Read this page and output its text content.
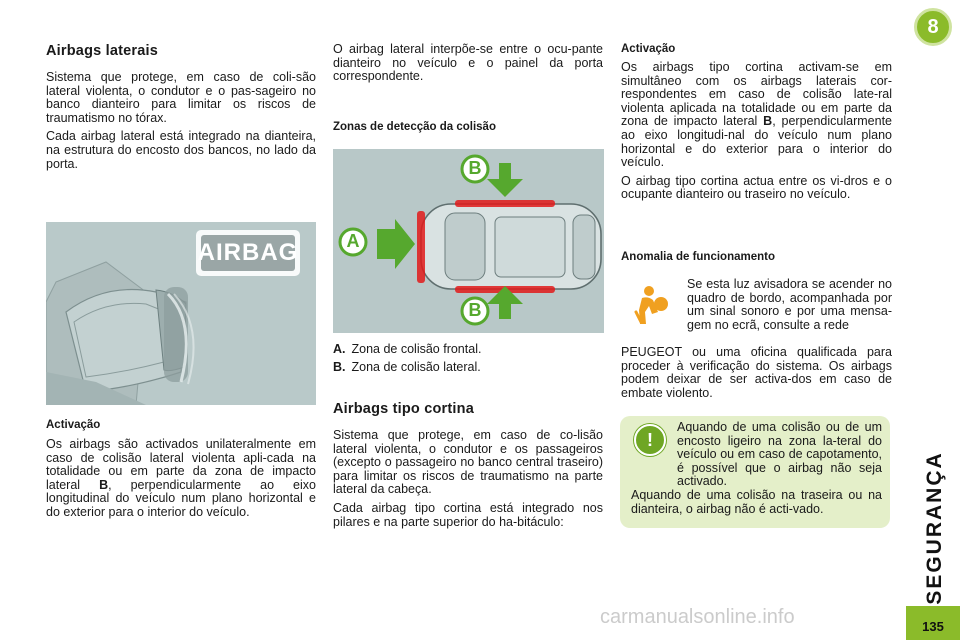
8
SEGURANÇA
135
Airbags laterais

Sistema que protege, em caso de coli-são lateral violenta, o condutor e o pas-sageiro no banco dianteiro para limitar os riscos de traumatismo no tórax.

Cada airbag lateral está integrado na dianteira, na estrutura do encosto dos bancos, no lado da porta.

AIRBAG
Activação

Os airbags são activados unilateralmente em caso de colisão lateral violenta apli-cada na totalidade ou em parte da zona de impacto lateral B, perpendicularmente ao eixo longitudinal do veículo num plano horizontal e do exterior para o interior do veículo.

O airbag lateral interpõe-se entre o ocu-pante dianteiro no veículo e o painel da porta correspondente.

Zonas de detecção da colisão
A
B
B
A. Zona de colisão frontal.
B. Zona de colisão lateral.
Airbags tipo cortina

Sistema que protege, em caso de co-lisão lateral violenta, o condutor e os passageiros (excepto o passageiro no banco central traseiro) para limitar os riscos de traumatismo na parte lateral da cabeça.

Cada airbag tipo cortina está integrado nos pilares e na parte superior do ha-bitáculo:

Activação

Os airbags tipo cortina activam-se em simultâneo com os airbags laterais cor-respondentes em caso de colisão late-ral violenta aplicada na totalidade ou em parte da zona de impacto lateral B, perpendicularmente ao eixo longitudi-nal do veículo num plano horizontal e do exterior para o interior do veículo.

O airbag tipo cortina actua entre os vi-dros e o ocupante dianteiro ou traseiro no veículo.

Anomalia de funcionamento

Se esta luz avisadora se acender no quadro de bordo, acompanhada por um sinal sonoro e por uma mensa-gem no ecrã, consulte a rede

PEUGEOT ou uma oficina qualificada para proceder à verificação do sistema. Os airbags podem deixar de ser activa-dos em caso de embate violento.

!

Aquando de uma colisão ou de um encosto ligeiro na zona la-teral do veículo ou em caso de capotamento, é possível que o airbag não seja activado.

Aquando de uma colisão na traseira ou na dianteira, o airbag não é acti-vado.

carmanualsonline.info
